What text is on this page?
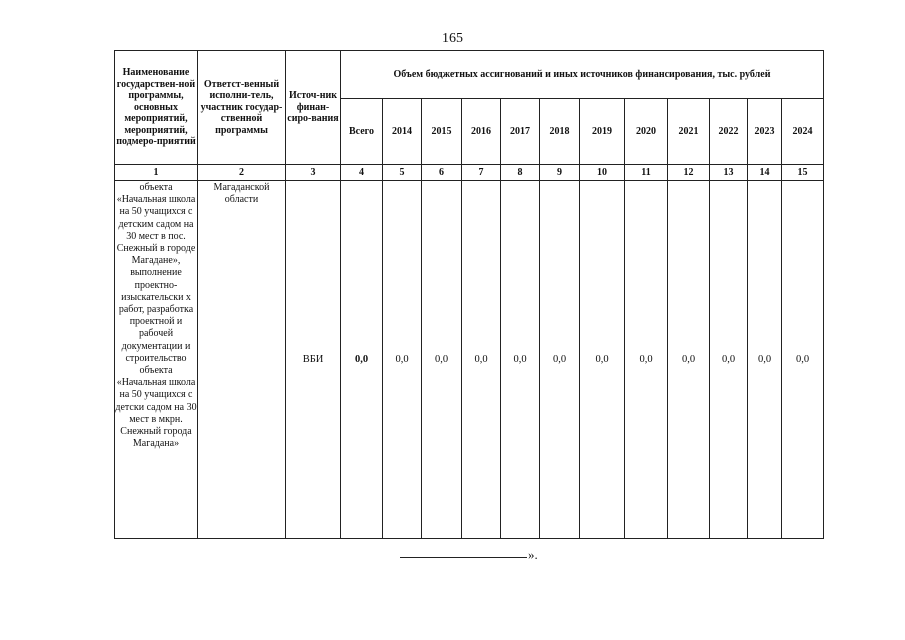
165
Наименование государствен-ной программы, основных мероприятий, мероприятий, подмеро-приятий	Ответст-венный исполни-тель, участник государ-ственной программы	Источ-ник финан-сиро-вания	Объем бюджетных ассигнований и иных источников финансирования, тыс. рублей											
			Всего	2014	2015	2016	2017	2018	2019	2020	2021	2022	2023	2024
1	2	3	4	5	6	7	8	9	10	11	12	13	14	15
объекта «Начальная школа на 50 учащихся с детским садом на 30 мест в пос. Снежный в городе Магадане», выполнение проектно-изыскательски х работ, разработка проектной и рабочей документации и строительство объекта «Начальная школа на 50 учащихся с детски садом на 30 мест в мкрн. Снежный города Магадана»	Магаданской области	ВБИ	0,0	0,0	0,0	0,0	0,0	0,0	0,0	0,0	0,0	0,0	0,0	0,0
».
